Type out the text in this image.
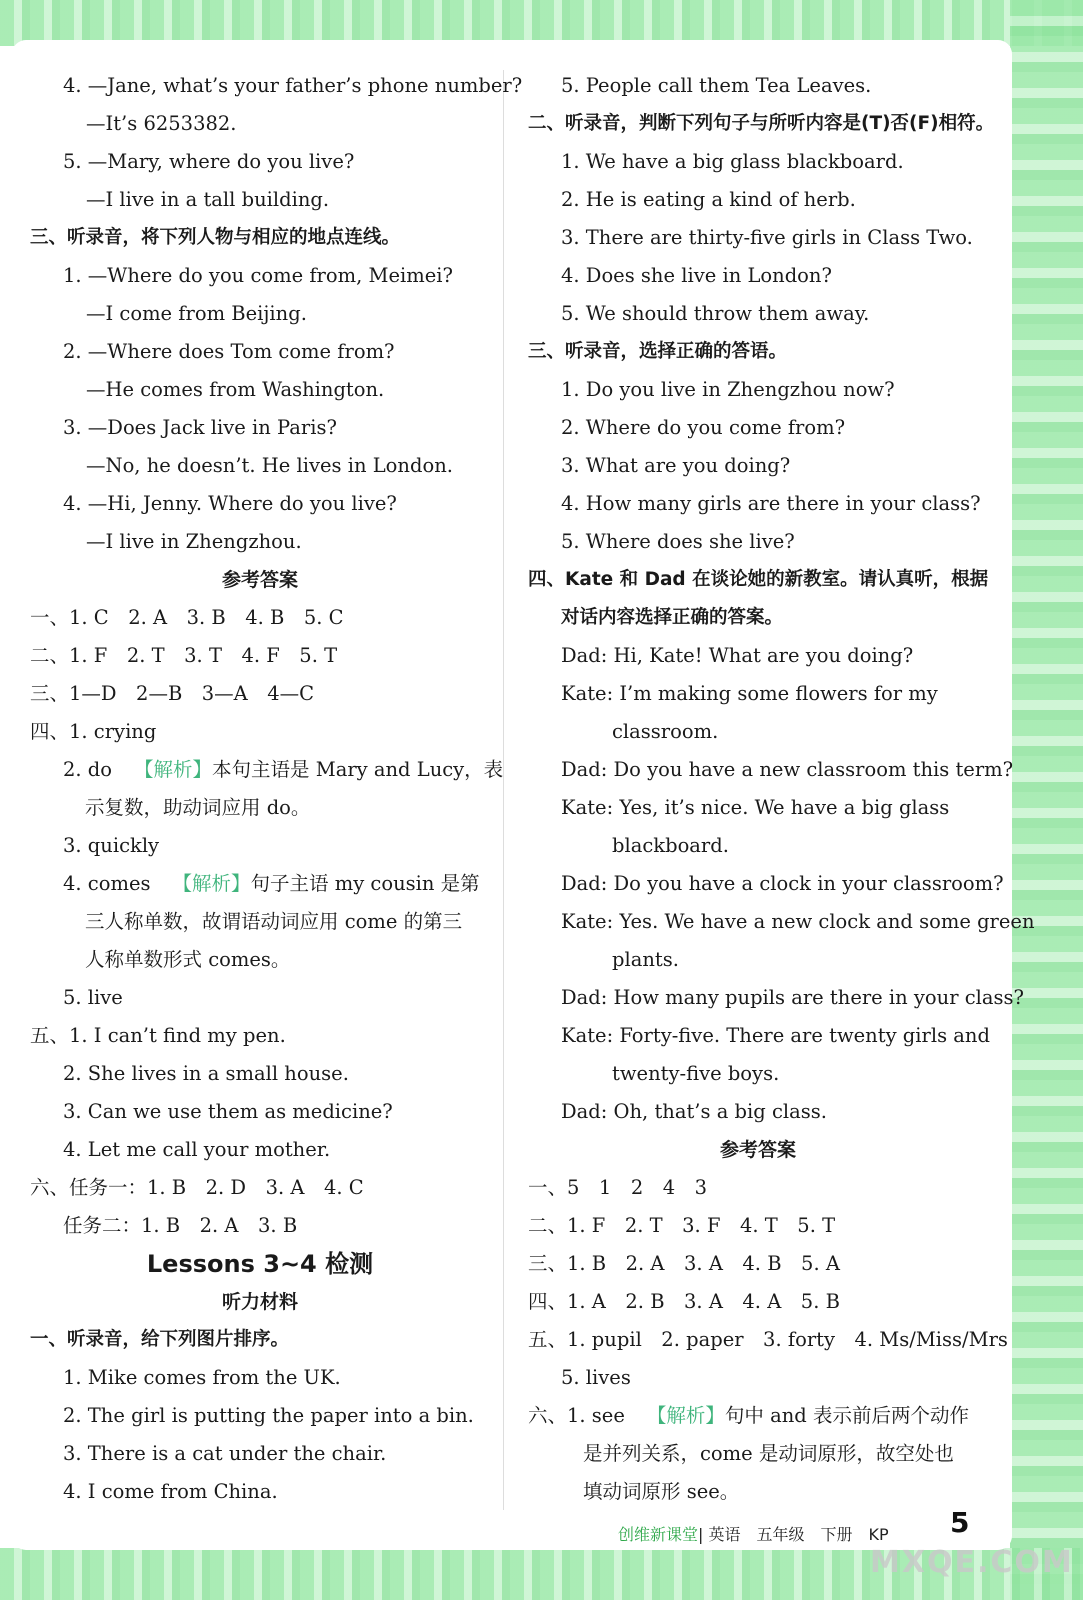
4. —Jane, what’s your father’s phone number?
—It’s 6253382.
5. —Mary, where do you live?
—I live in a tall building.
三、听录音，将下列人物与相应的地点连线。
1. —Where do you come from, Meimei?
—I come from Beijing.
2. —Where does Tom come from?
—He comes from Washington.
3. —Does Jack live in Paris?
—No, he doesn’t. He lives in London.
4. —Hi, Jenny. Where do you live?
—I live in Zhengzhou.
参考答案
一、1. C　2. A　3. B　4. B　5. C
二、1. F　2. T　3. T　4. F　5. T
三、1—D　2—B　3—A　4—C
四、1. crying
2. do 【解析】本句主语是 Mary and Lucy，表
示复数，助动词应用 do。
3. quickly
4. comes 【解析】句子主语 my cousin 是第
三人称单数，故谓语动词应用 come 的第三
人称单数形式 comes。
5. live
五、1. I can’t find my pen.
2. She lives in a small house.
3. Can we use them as medicine?
4. Let me call your mother.
六、任务一：1. B　2. D　3. A　4. C
任务二：1. B　2. A　3. B
Lessons 3~4 检测
听力材料
一、听录音，给下列图片排序。
1. Mike comes from the UK.
2. The girl is putting the paper into a bin.
3. There is a cat under the chair.
4. I come from China.
5. People call them Tea Leaves.
二、听录音，判断下列句子与所听内容是(T)否(F)相符。
1. We have a big glass blackboard.
2. He is eating a kind of herb.
3. There are thirty-five girls in Class Two.
4. Does she live in London?
5. We should throw them away.
三、听录音，选择正确的答语。
1. Do you live in Zhengzhou now?
2. Where do you come from?
3. What are you doing?
4. How many girls are there in your class?
5. Where does she live?
四、Kate 和 Dad 在谈论她的新教室。请认真听，根据
对话内容选择正确的答案。
Dad: Hi, Kate! What are you doing?
Kate: I’m making some flowers for my
classroom.
Dad: Do you have a new classroom this term?
Kate: Yes, it’s nice. We have a big glass
blackboard.
Dad: Do you have a clock in your classroom?
Kate: Yes. We have a new clock and some green
plants.
Dad: How many pupils are there in your class?
Kate: Forty-five. There are twenty girls and
twenty-five boys.
Dad: Oh, that’s a big class.
参考答案
一、5　1　2　4　3
二、1. F　2. T　3. F　4. T　5. T
三、1. B　2. A　3. A　4. B　5. A
四、1. A　2. B　3. A　4. A　5. B
五、1. pupil　2. paper　3. forty　4. Ms/Miss/Mrs
5. lives
六、1. see 【解析】句中 and 表示前后两个动作
是并列关系，come 是动词原形，故空处也
填动词原形 see。
创维新课堂| 英语　五年级　下册　KP 5
MXQE.COM
